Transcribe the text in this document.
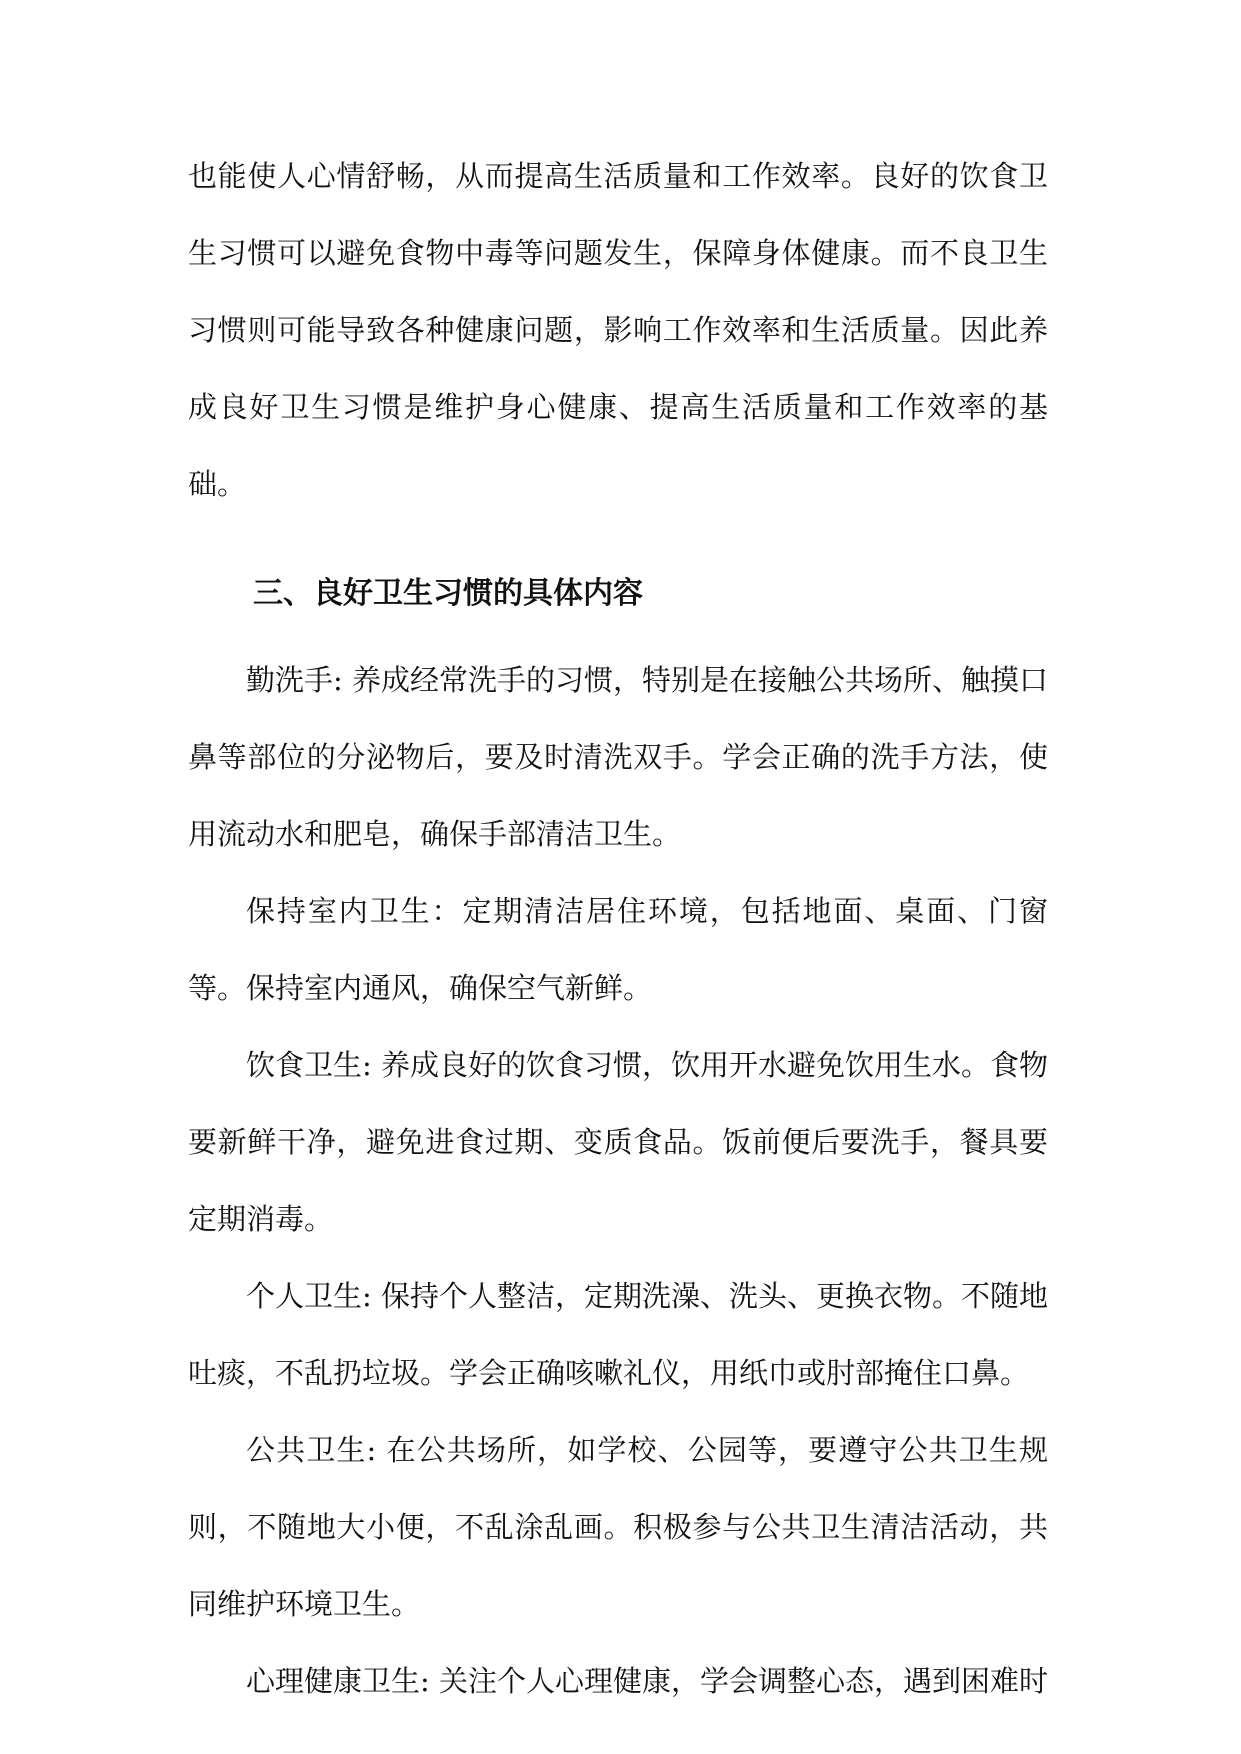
也能使人心情舒畅，从而提高生活质量和工作效率。良好的饮食卫生习惯可以避免食物中毒等问题发生，保障身体健康。而不良卫生习惯则可能导致各种健康问题，影响工作效率和生活质量。因此养成良好卫生习惯是维护身心健康、提高生活质量和工作效率的基础。

三、良好卫生习惯的具体内容

勤洗手: 养成经常洗手的习惯，特别是在接触公共场所、触摸口鼻等部位的分泌物后，要及时清洗双手。学会正确的洗手方法，使用流动水和肥皂，确保手部清洁卫生。

保持室内卫生：定期清洁居住环境，包括地面、桌面、门窗等。保持室内通风，确保空气新鲜。

饮食卫生: 养成良好的饮食习惯，饮用开水避免饮用生水。食物要新鲜干净，避免进食过期、变质食品。饭前便后要洗手，餐具要定期消毒。

个人卫生: 保持个人整洁，定期洗澡、洗头、更换衣物。不随地吐痰，不乱扔垃圾。学会正确咳嗽礼仪，用纸巾或肘部掩住口鼻。

公共卫生: 在公共场所，如学校、公园等，要遵守公共卫生规则，不随地大小便，不乱涂乱画。积极参与公共卫生清洁活动，共同维护环境卫生。

心理健康卫生: 关注个人心理健康，学会调整心态，遇到困难时
